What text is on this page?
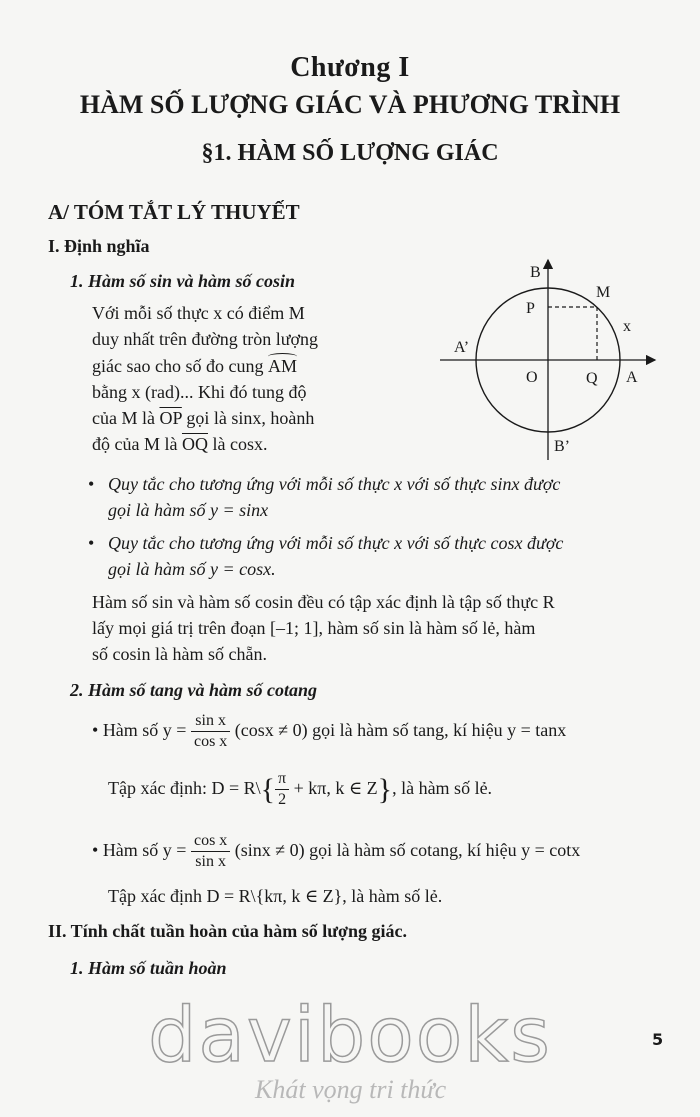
Chương I
HÀM SỐ LƯỢNG GIÁC VÀ PHƯƠNG TRÌNH
§1. HÀM SỐ LƯỢNG GIÁC
A/ TÓM TẮT LÝ THUYẾT
I. Định nghĩa
1. Hàm số sin và hàm số cosin
Với mỗi số thực x có điểm M
duy nhất trên đường tròn lượng
giác sao cho số đo cung AM
bằng x (rad)... Khi đó tung độ
của M là $\overline{OP}$ gọi là sinx, hoành
độ của M là $\overline{OQ}$ là cosx.
B
M
P
x
A’
O	Q A
B’
• Quy tắc cho tương ứng với mỗi số thực x với số thực sinx được
gọi là hàm số y = sinx
• Quy tắc cho tương ứng với mỗi số thực x với số thực cosx được
gọi là hàm số y = cosx.
Hàm số sin và hàm số cosin đều có tập xác định là tập số thực R
lấy mọi giá trị trên đoạn [–1; 1], hàm số sin là hàm số lẻ, hàm
số cosin là hàm số chẵn.
2. Hàm số tang và hàm số cotang
• Hàm số $y = \frac{\text{sin x}}{\text{cos x}} (\cos x \ne 0)$ gọi là hàm số tang, kí hiệu y = tanx
Tập xác định: D = R\{ $\frac{\pi}{2} + k\pi$, k ∈ Z}, là hàm số lẻ.
• Hàm số $y = \frac{\text{cos x}}{\text{sin x}} (\sin x \ne 0)$ gọi là hàm số cotang, kí hiệu y = cotx
Tập xác định D = R\{kπ, k ∈ Z}, là hàm số lẻ.
II. Tính chất tuần hoàn của hàm số lượng giác.
1. Hàm số tuần hoàn
davibooks
Khát vọng tri thức
5
